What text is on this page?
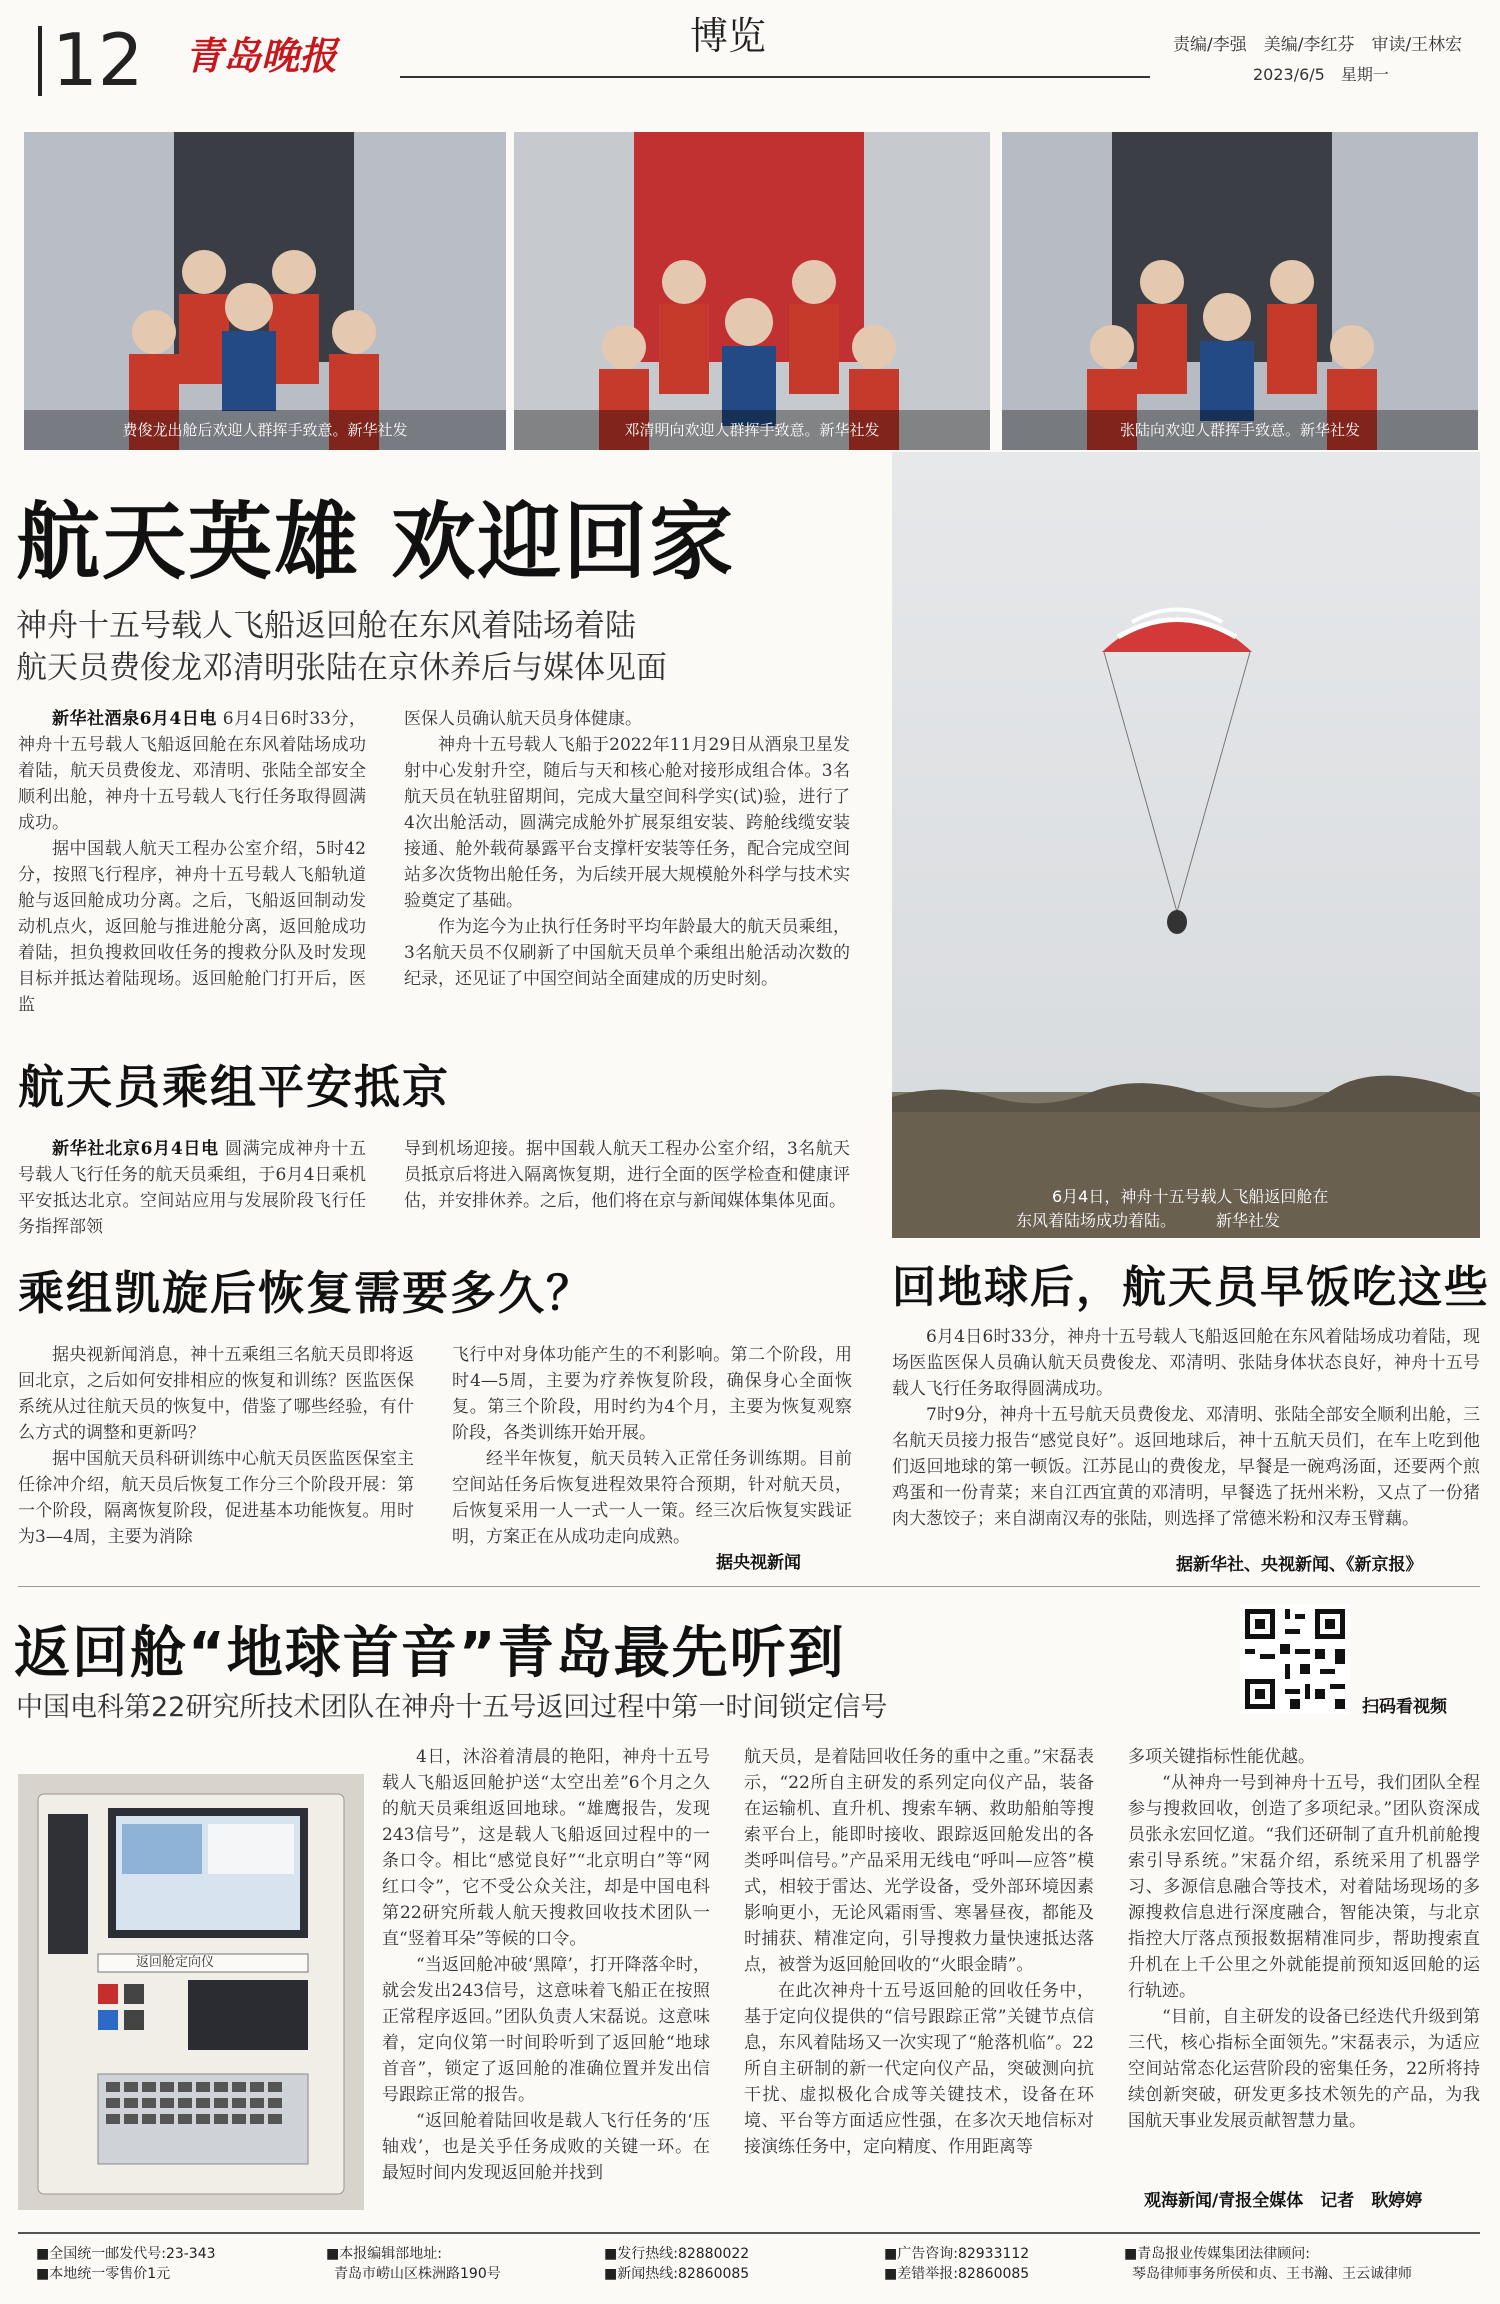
12 青岛晚报	博览	责编/李强　美编/李红芬　审读/王林宏
2023/6/5　星期一
费俊龙出舱后欢迎人群挥手致意。新华社发	邓清明向欢迎人群挥手致意。新华社发	张陆向欢迎人群挥手致意。新华社发
航天英雄 欢迎回家
神舟十五号载人飞船返回舱在东风着陆场着陆
航天员费俊龙邓清明张陆在京休养后与媒体见面

新华社酒泉6月4日电 6月4日6时33分，神舟十五号载人飞船返回舱在东风着陆场成功着陆，航天员费俊龙、邓清明、张陆全部安全顺利出舱，神舟十五号载人飞行任务取得圆满成功。

据中国载人航天工程办公室介绍，5时42分，按照飞行程序，神舟十五号载人飞船轨道舱与返回舱成功分离。之后，飞船返回制动发动机点火，返回舱与推进舱分离，返回舱成功着陆，担负搜救回收任务的搜救分队及时发现目标并抵达着陆现场。返回舱舱门打开后，医监

医保人员确认航天员身体健康。

神舟十五号载人飞船于2022年11月29日从酒泉卫星发射中心发射升空，随后与天和核心舱对接形成组合体。3名航天员在轨驻留期间，完成大量空间科学实(试)验，进行了4次出舱活动，圆满完成舱外扩展泵组安装、跨舱线缆安装接通、舱外载荷暴露平台支撑杆安装等任务，配合完成空间站多次货物出舱任务，为后续开展大规模舱外科学与技术实验奠定了基础。

作为迄今为止执行任务时平均年龄最大的航天员乘组，3名航天员不仅刷新了中国航天员单个乘组出舱活动次数的纪录，还见证了中国空间站全面建成的历史时刻。

6月4日，神舟十五号载人飞船返回舱在
东风着陆场成功着陆。　　　新华社发
航天员乘组平安抵京

新华社北京6月4日电 圆满完成神舟十五号载人飞行任务的航天员乘组，于6月4日乘机平安抵达北京。空间站应用与发展阶段飞行任务指挥部领

导到机场迎接。据中国载人航天工程办公室介绍，3名航天员抵京后将进入隔离恢复期，进行全面的医学检查和健康评估，并安排休养。之后，他们将在京与新闻媒体集体见面。

乘组凯旋后恢复需要多久？

据央视新闻消息，神十五乘组三名航天员即将返回北京，之后如何安排相应的恢复和训练？医监医保系统从过往航天员的恢复中，借鉴了哪些经验，有什么方式的调整和更新吗？

据中国航天员科研训练中心航天员医监医保室主任徐冲介绍，航天员后恢复工作分三个阶段开展：第一个阶段，隔离恢复阶段，促进基本功能恢复。用时为3—4周，主要为消除

飞行中对身体功能产生的不利影响。第二个阶段，用时4—5周，主要为疗养恢复阶段，确保身心全面恢复。第三个阶段，用时约为4个月，主要为恢复观察阶段，各类训练开始开展。

经半年恢复，航天员转入正常任务训练期。目前空间站任务后恢复进程效果符合预期，针对航天员，后恢复采用一人一式一人一策。经三次后恢复实践证明，方案正在从成功走向成熟。

据央视新闻
回地球后，航天员早饭吃这些

6月4日6时33分，神舟十五号载人飞船返回舱在东风着陆场成功着陆，现场医监医保人员确认航天员费俊龙、邓清明、张陆身体状态良好，神舟十五号载人飞行任务取得圆满成功。

7时9分，神舟十五号航天员费俊龙、邓清明、张陆全部安全顺利出舱，三名航天员接力报告“感觉良好”。返回地球后，神十五航天员们，在车上吃到他们返回地球的第一顿饭。江苏昆山的费俊龙，早餐是一碗鸡汤面，还要两个煎鸡蛋和一份青菜；来自江西宜黄的邓清明，早餐选了抚州米粉，又点了一份猪肉大葱饺子；来自湖南汉寿的张陆，则选择了常德米粉和汉寿玉臂藕。

据新华社、央视新闻、《新京报》
返回舱“地球首音”青岛最先听到
中国电科第22研究所技术团队在神舟十五号返回过程中第一时间锁定信号	扫码看视频
返回舱定向仪

4日，沐浴着清晨的艳阳，神舟十五号载人飞船返回舱护送“太空出差”6个月之久的航天员乘组返回地球。“雄鹰报告，发现243信号”，这是载人飞船返回过程中的一条口令。相比“感觉良好”“北京明白”等“网红口令”，它不受公众关注，却是中国电科第22研究所载人航天搜救回收技术团队一直“竖着耳朵”等候的口令。

“当返回舱冲破‘黑障’，打开降落伞时，就会发出243信号，这意味着飞船正在按照正常程序返回。”团队负责人宋磊说。这意味着，定向仪第一时间聆听到了返回舱“地球首音”，锁定了返回舱的准确位置并发出信号跟踪正常的报告。

“返回舱着陆回收是载人飞行任务的‘压轴戏’，也是关乎任务成败的关键一环。在最短时间内发现返回舱并找到

航天员，是着陆回收任务的重中之重。”宋磊表示，“22所自主研发的系列定向仪产品，装备在运输机、直升机、搜索车辆、救助船舶等搜索平台上，能即时接收、跟踪返回舱发出的各类呼叫信号。”产品采用无线电“呼叫—应答”模式，相较于雷达、光学设备，受外部环境因素影响更小，无论风霜雨雪、寒暑昼夜，都能及时捕获、精准定向，引导搜救力量快速抵达落点，被誉为返回舱回收的“火眼金睛”。

在此次神舟十五号返回舱的回收任务中，基于定向仪提供的“信号跟踪正常”关键节点信息，东风着陆场又一次实现了“舱落机临”。22所自主研制的新一代定向仪产品，突破测向抗干扰、虚拟极化合成等关键技术，设备在环境、平台等方面适应性强，在多次天地信标对接演练任务中，定向精度、作用距离等

多项关键指标性能优越。

“从神舟一号到神舟十五号，我们团队全程参与搜救回收，创造了多项纪录。”团队资深成员张永宏回忆道。“我们还研制了直升机前舱搜索引导系统。”宋磊介绍，系统采用了机器学习、多源信息融合等技术，对着陆场现场的多源搜救信息进行深度融合，智能决策，与北京指控大厅落点预报数据精准同步，帮助搜索直升机在上千公里之外就能提前预知返回舱的运行轨迹。

“目前，自主研发的设备已经迭代升级到第三代，核心指标全面领先。”宋磊表示，为适应空间站常态化运营阶段的密集任务，22所将持续创新突破，研发更多技术领先的产品，为我国航天事业发展贡献智慧力量。

观海新闻/青报全媒体　记者　耿婷婷
■全国统一邮发代号:23-343
■本地统一零售价1元
■本报编辑部地址:
青岛市崂山区株洲路190号
■发行热线:82880022
■新闻热线:82860085
■广告咨询:82933112
■差错举报:82860085
■青岛报业传媒集团法律顾问:
琴岛律师事务所侯和贞、王书瀚、王云诚律师
